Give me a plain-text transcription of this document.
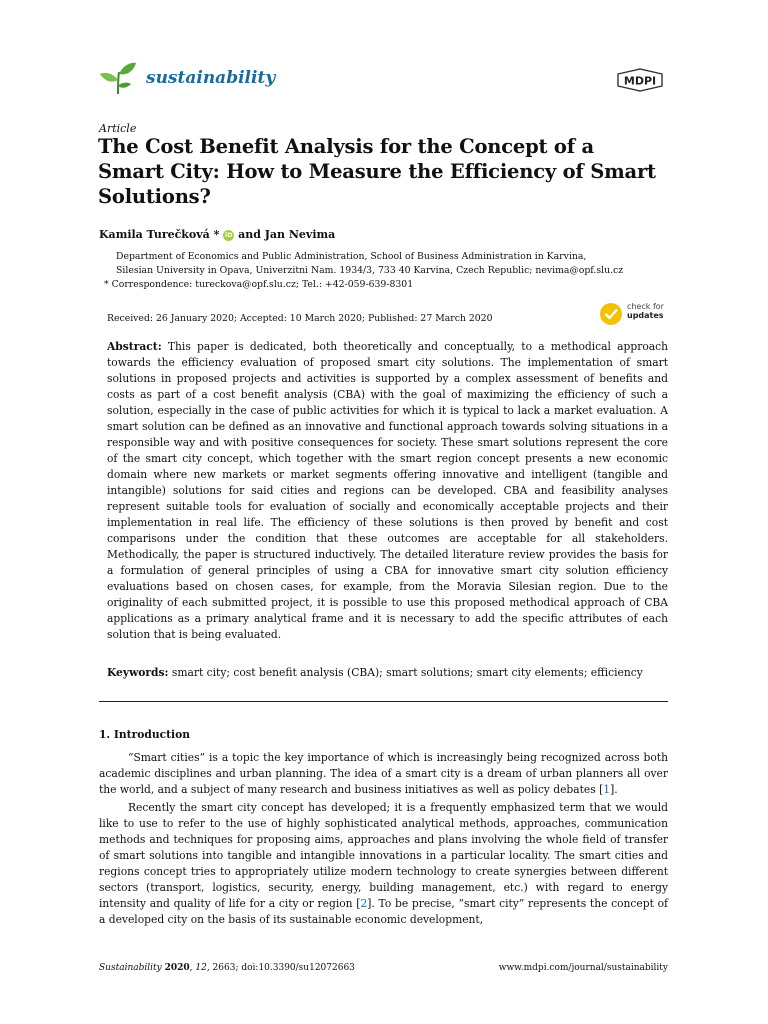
sustainability	MDPI
Article
The Cost Benefit Analysis for the Concept of a Smart City: How to Measure the Efficiency of Smart Solutions?
Kamila Turečková * iD and Jan Nevima
Department of Economics and Public Administration, School of Business Administration in Karvina,
Silesian University in Opava, Univerzitni Nam. 1934/3, 733 40 Karvina, Czech Republic; nevima@opf.slu.cz
* Correspondence: tureckova@opf.slu.cz; Tel.: +42-059-639-8301
Received: 26 January 2020; Accepted: 10 March 2020; Published: 27 March 2020
check for
updates
Abstract: This paper is dedicated, both theoretically and conceptually, to a methodical approach towards the efficiency evaluation of proposed smart city solutions. The implementation of smart solutions in proposed projects and activities is supported by a complex assessment of benefits and costs as part of a cost benefit analysis (CBA) with the goal of maximizing the efficiency of such a solution, especially in the case of public activities for which it is typical to lack a market evaluation. A smart solution can be defined as an innovative and functional approach towards solving situations in a responsible way and with positive consequences for society. These smart solutions represent the core of the smart city concept, which together with the smart region concept presents a new economic domain where new markets or market segments offering innovative and intelligent (tangible and intangible) solutions for said cities and regions can be developed. CBA and feasibility analyses represent suitable tools for evaluation of socially and economically acceptable projects and their implementation in real life. The efficiency of these solutions is then proved by benefit and cost comparisons under the condition that these outcomes are acceptable for all stakeholders. Methodically, the paper is structured inductively. The detailed literature review provides the basis for a formulation of general principles of using a CBA for innovative smart city solution efficiency evaluations based on chosen cases, for example, from the Moravia Silesian region. Due to the originality of each submitted project, it is possible to use this proposed methodical approach of CBA applications as a primary analytical frame and it is necessary to add the specific attributes of each solution that is being evaluated.
Keywords: smart city; cost benefit analysis (CBA); smart solutions; smart city elements; efficiency
1. Introduction
“Smart cities” is a topic the key importance of which is increasingly being recognized across both academic disciplines and urban planning. The idea of a smart city is a dream of urban planners all over the world, and a subject of many research and business initiatives as well as policy debates [1].
Recently the smart city concept has developed; it is a frequently emphasized term that we would like to use to refer to the use of highly sophisticated analytical methods, approaches, communication methods and techniques for proposing aims, approaches and plans involving the whole field of transfer of smart solutions into tangible and intangible innovations in a particular locality. The smart cities and regions concept tries to appropriately utilize modern technology to create synergies between different sectors (transport, logistics, security, energy, building management, etc.) with regard to energy intensity and quality of life for a city or region [2]. To be precise, “smart city” represents the concept of a developed city on the basis of its sustainable economic development,
Sustainability 2020, 12, 2663; doi:10.3390/su12072663	www.mdpi.com/journal/sustainability
